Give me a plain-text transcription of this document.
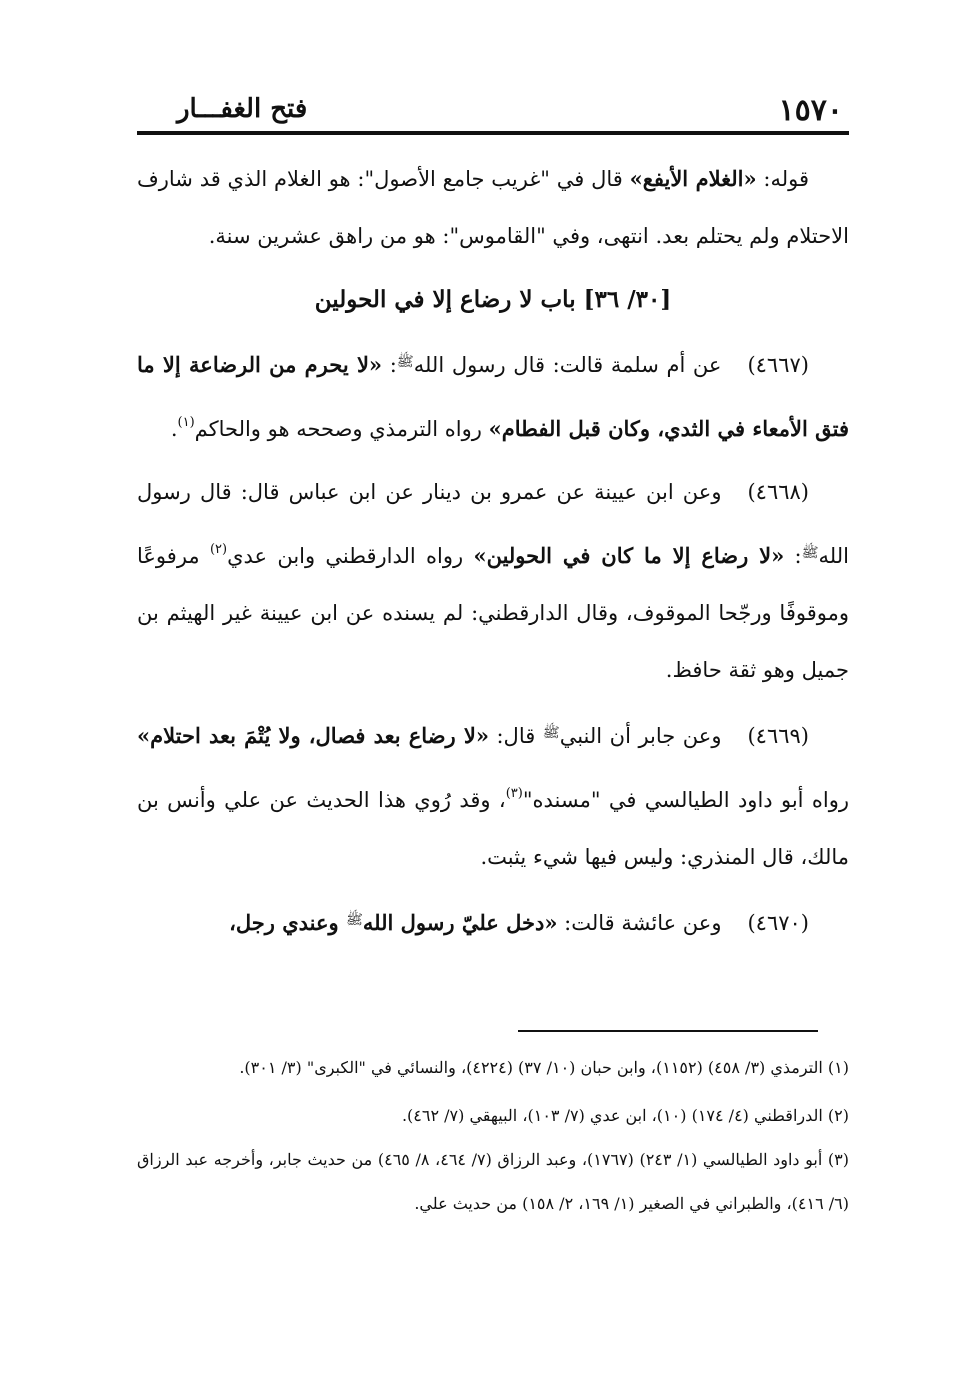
١٥٧٠
فتح الغفـــار

قوله: «الغلام الأيفع» قال في "غريب جامع الأصول": هو الغلام الذي قد شارف الاحتلام ولم يحتلم بعد. انتهى، وفي "القاموس": هو من راهق عشرين سنة.

[٣٠/ ٣٦] باب لا رضاع إلا في الحولين

(٤٦٦٧)عن أم سلمة قالت: قال رسول الله$^ﷺ$: «لا يحرم من الرضاعة إلا ما فتق الأمعاء في الثدي، وكان قبل الفطام» رواه الترمذي وصححه هو والحاكم$^{(١)}$.

(٤٦٦٨)وعن ابن عيينة عن عمرو بن دينار عن ابن عباس قال: قال رسول الله$^ﷺ$: «لا رضاع إلا ما كان في الحولين» رواه الدارقطني وابن عدي$^{(٢)}$ مرفوعًا وموقوفًا ورجّحا الموقوف، وقال الدارقطني: لم يسنده عن ابن عيينة غير الهيثم بن جميل وهو ثقة حافظ.

(٤٦٦٩)وعن جابر أن النبي$^ﷺ$ قال: «لا رضاع بعد فصال، ولا يُتْمَ بعد احتلام» رواه أبو داود الطيالسي في "مسنده"$^{(٣)}$، وقد رُوي هذا الحديث عن علي وأنس بن مالك، قال المنذري: وليس فيها شيء يثبت.

(٤٦٧٠)وعن عائشة قالت: «دخل عليّ رسول الله$^ﷺ$ وعندي رجل،

(١) الترمذي (٣/ ٤٥٨) (١١٥٢)، وابن حبان (١٠/ ٣٧) (٤٢٢٤)، والنسائي في "الكبرى" (٣/ ٣٠١).

(٢) الدراقطني (٤/ ١٧٤) (١٠)، ابن عدي (٧/ ١٠٣)، البيهقي (٧/ ٤٦٢).

(٣) أبو داود الطيالسي (١/ ٢٤٣) (١٧٦٧)، وعبد الرزاق (٧/ ٤٦٤، ٨/ ٤٦٥) من حديث جابر، وأخرجه عبد الرزاق (٦/ ٤١٦)، والطبراني في الصغير (١/ ١٦٩، ٢/ ١٥٨) من حديث علي.
